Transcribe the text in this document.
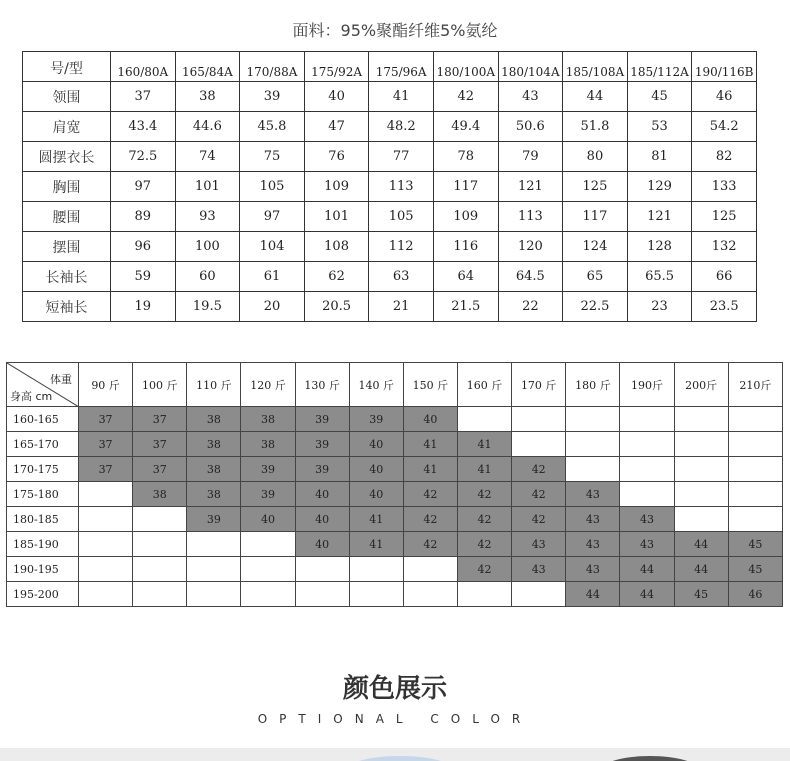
面料：95%聚酯纤维5%氨纶
号/型	160/80A	165/84A	170/88A	175/92A	175/96A	180/100A	180/104A	185/108A	185/112A	190/116B
领围	37	38	39	40	41	42	43	44	45	46
肩宽	43.4	44.6	45.8	47	48.2	49.4	50.6	51.8	53	54.2
圆摆衣长	72.5	74	75	76	77	78	79	80	81	82
胸围	97	101	105	109	113	117	121	125	129	133
腰围	89	93	97	101	105	109	113	117	121	125
摆围	96	100	104	108	112	116	120	124	128	132
长袖长	59	60	61	62	63	64	64.5	65	65.5	66
短袖长	19	19.5	20	20.5	21	21.5	22	22.5	23	23.5
体重
身高 cm	90 斤	100 斤	110 斤	120 斤	130 斤	140 斤	150 斤	160 斤	170 斤	180 斤	190斤	200斤	210斤
160-165	37	37	38	38	39	39	40						
165-170	37	37	38	38	39	40	41	41					
170-175	37	37	38	39	39	40	41	41	42				
175-180		38	38	39	40	40	42	42	42	43			
180-185			39	40	40	41	42	42	42	43	43		
185-190					40	41	42	42	43	43	43	44	45
190-195								42	43	43	44	44	45
195-200										44	44	45	46
颜色展示
OPTIONAL COLOR
